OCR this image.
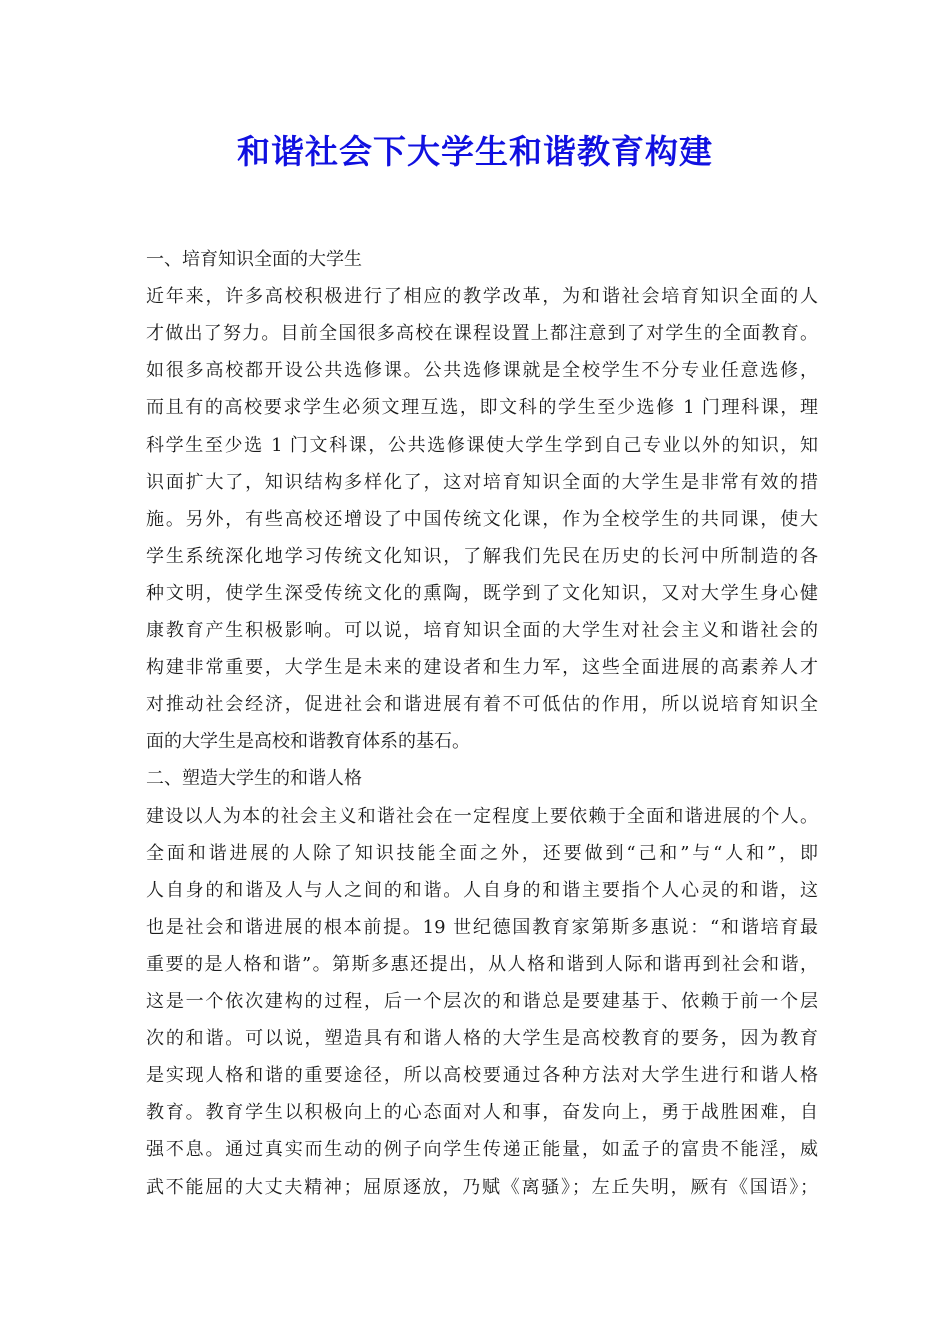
和谐社会下大学生和谐教育构建
一、培育知识全面的大学生
近年来，许多高校积极进行了相应的教学改革，为和谐社会培育知识全面的人
才做出了努力。目前全国很多高校在课程设置上都注意到了对学生的全面教育。
如很多高校都开设公共选修课。公共选修课就是全校学生不分专业任意选修，
而且有的高校要求学生必须文理互选，即文科的学生至少选修 1 门理科课，理
科学生至少选 1 门文科课，公共选修课使大学生学到自己专业以外的知识，知
识面扩大了，知识结构多样化了，这对培育知识全面的大学生是非常有效的措
施。另外，有些高校还增设了中国传统文化课，作为全校学生的共同课，使大
学生系统深化地学习传统文化知识，了解我们先民在历史的长河中所制造的各
种文明，使学生深受传统文化的熏陶，既学到了文化知识，又对大学生身心健
康教育产生积极影响。可以说，培育知识全面的大学生对社会主义和谐社会的
构建非常重要，大学生是未来的建设者和生力军，这些全面进展的高素养人才
对推动社会经济，促进社会和谐进展有着不可低估的作用，所以说培育知识全
面的大学生是高校和谐教育体系的基石。
二、塑造大学生的和谐人格
建设以人为本的社会主义和谐社会在一定程度上要依赖于全面和谐进展的个人。
全面和谐进展的人除了知识技能全面之外，还要做到“己和”与“人和”，即
人自身的和谐及人与人之间的和谐。人自身的和谐主要指个人心灵的和谐，这
也是社会和谐进展的根本前提。19 世纪德国教育家第斯多惠说：“和谐培育最
重要的是人格和谐”。第斯多惠还提出，从人格和谐到人际和谐再到社会和谐，
这是一个依次建构的过程，后一个层次的和谐总是要建基于、依赖于前一个层
次的和谐。可以说，塑造具有和谐人格的大学生是高校教育的要务，因为教育
是实现人格和谐的重要途径，所以高校要通过各种方法对大学生进行和谐人格
教育。教育学生以积极向上的心态面对人和事，奋发向上，勇于战胜困难，自
强不息。通过真实而生动的例子向学生传递正能量，如孟子的富贵不能淫，威
武不能屈的大丈夫精神；屈原逐放，乃赋《离骚》；左丘失明，厥有《国语》；
